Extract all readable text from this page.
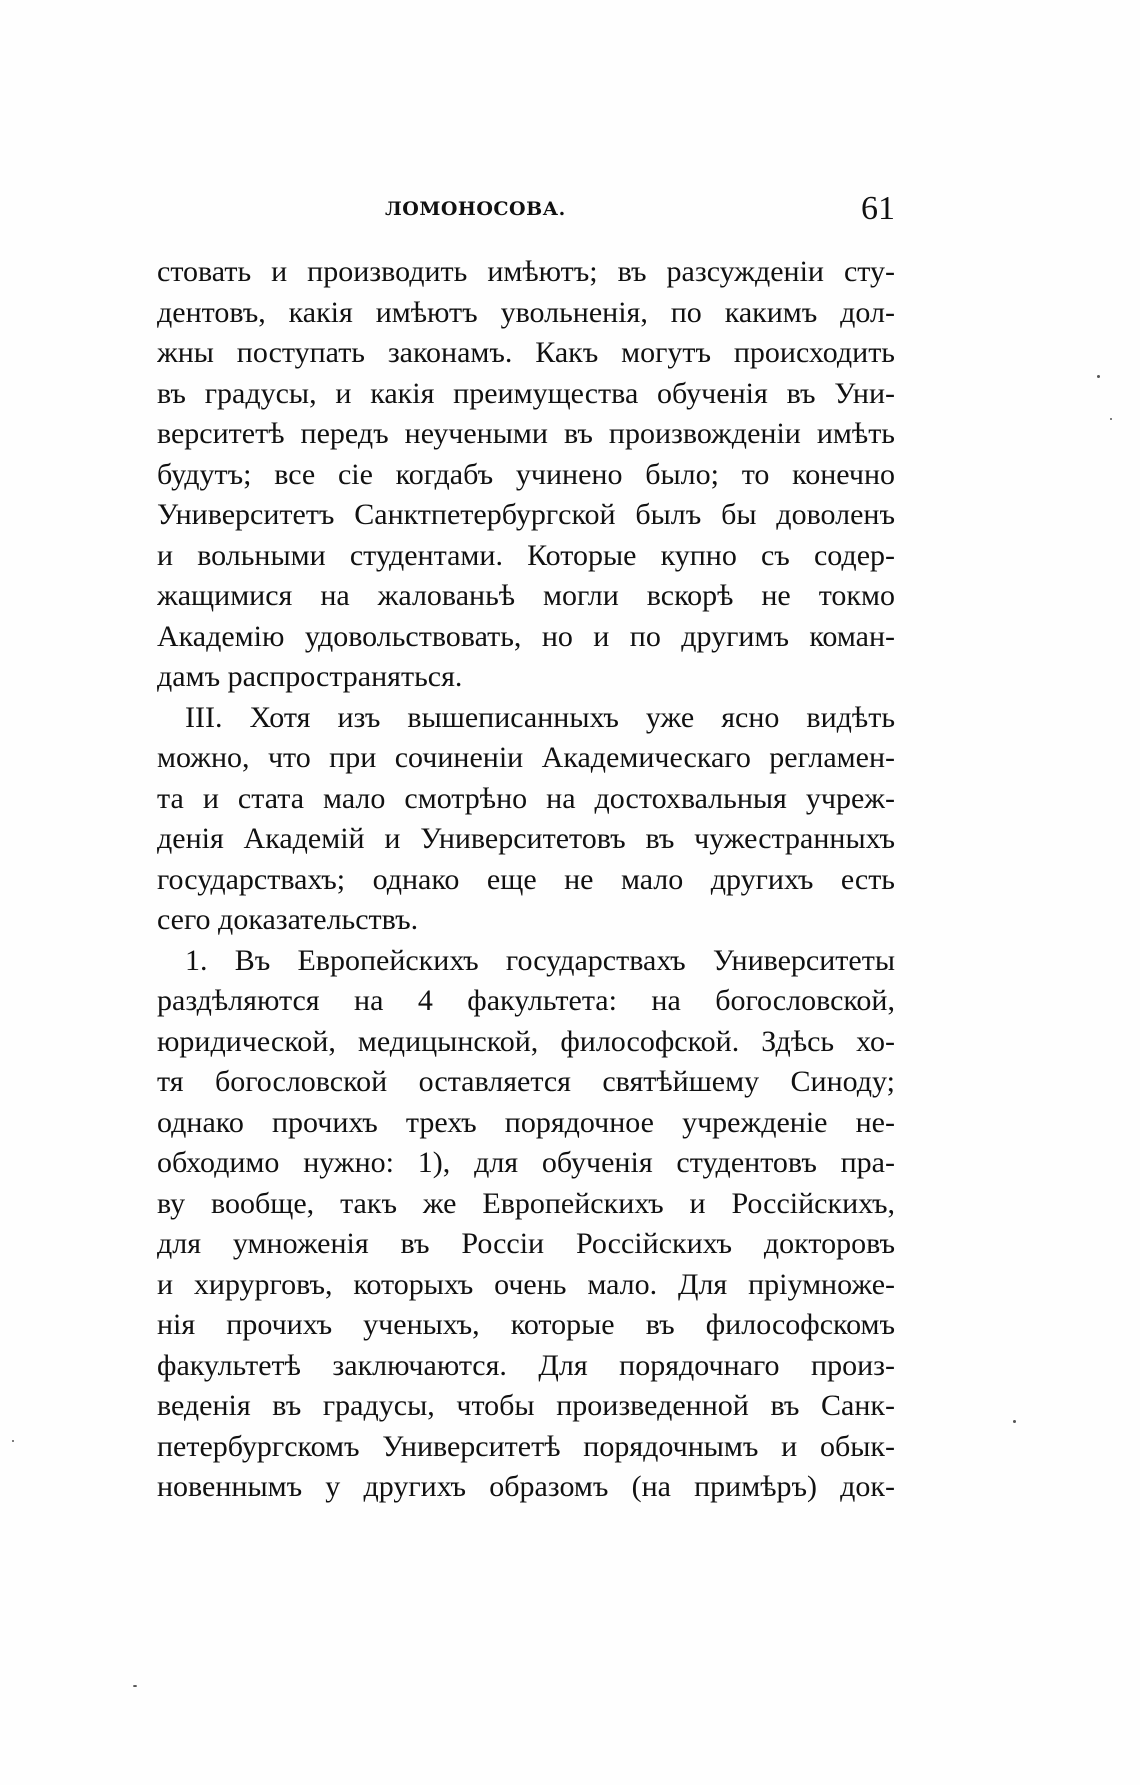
ЛОМОНОСОВА.	61
стовать и производить имѣютъ; въ разсужденіи сту-
дентовъ, какія имѣютъ увольненія, по какимъ дол-
жны поступать законамъ. Какъ могутъ происходить
въ градусы, и какія преимущества обученія въ Уни-
верситетѣ передъ неучеными въ произвожденіи имѣть
будутъ; все сіе когдабъ учинено было; то конечно
Университетъ Санктпетербургской былъ бы доволенъ
и вольными студентами. Которые купно съ содер-
жащимися на жалованьѣ могли вскорѣ не токмо
Академію удовольствовать, но и по другимъ коман-
дамъ распространяться.
III. Хотя изъ вышеписанныхъ уже ясно видѣть
можно, что при сочиненіи Академическаго регламен-
та и стата мало смотрѣно на достохвальныя учреж-
денія Академій и Университетовъ въ чужестранныхъ
государствахъ; однако еще не мало другихъ есть
сего доказательствъ.
1. Въ Европейскихъ государствахъ Университеты
раздѣляются на 4 факультета: на богословской,
юридической, медицынской, философской. Здѣсь хо-
тя богословской оставляется святѣйшему Синоду;
однако прочихъ трехъ порядочное учрежденіе не-
обходимо нужно: 1), для обученія студентовъ пра-
ву вообще, такъ же Европейскихъ и Россійскихъ,
для умноженія въ Россіи Россійскихъ докторовъ
и хирурговъ, которыхъ очень мало. Для пріумноже-
нія прочихъ ученыхъ, которые въ философскомъ
факультетѣ заключаются. Для порядочнаго произ-
веденія въ градусы, чтобы произведенной въ Санк-
петербургскомъ Университетѣ порядочнымъ и обык-
новеннымъ у другихъ образомъ (на примѣръ) док-
